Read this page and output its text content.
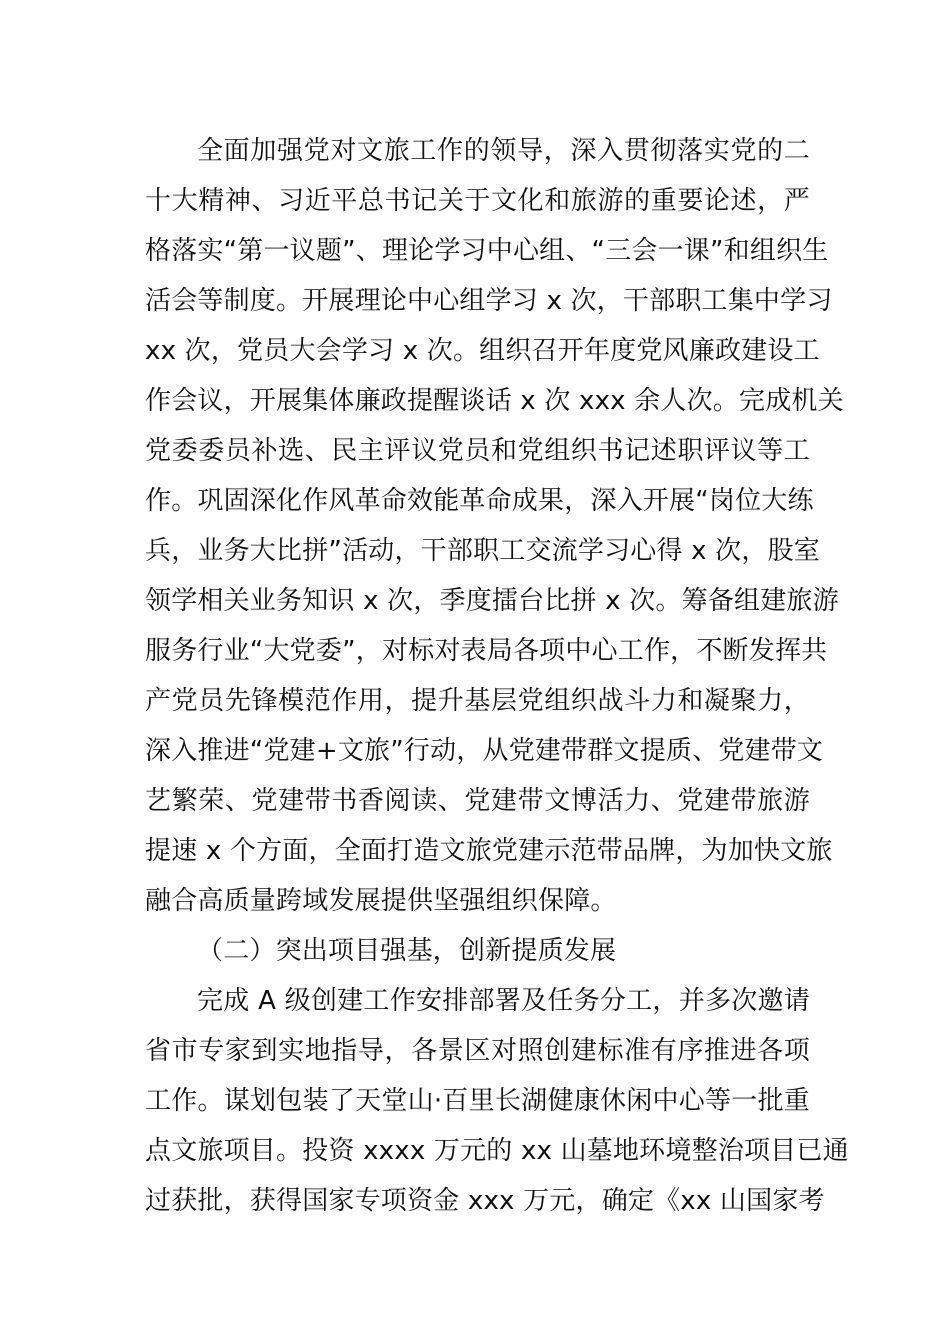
全面加强党对文旅工作的领导，深入贯彻落实党的二
十大精神、习近平总书记关于文化和旅游的重要论述，严
格落实“第一议题”、理论学习中心组、“三会一课”和组织生
活会等制度。开展理论中心组学习 x 次，干部职工集中学习
xx 次，党员大会学习 x 次。组织召开年度党风廉政建设工
作会议，开展集体廉政提醒谈话 x 次 xxx 余人次。完成机关
党委委员补选、民主评议党员和党组织书记述职评议等工
作。巩固深化作风革命效能革命成果，深入开展“岗位大练
兵，业务大比拼”活动，干部职工交流学习心得 x 次，股室
领学相关业务知识 x 次，季度擂台比拼 x 次。筹备组建旅游
服务行业“大党委”，对标对表局各项中心工作，不断发挥共
产党员先锋模范作用，提升基层党组织战斗力和凝聚力，
深入推进“党建+文旅”行动，从党建带群文提质、党建带文
艺繁荣、党建带书香阅读、党建带文博活力、党建带旅游
提速 x 个方面，全面打造文旅党建示范带品牌，为加快文旅
融合高质量跨域发展提供坚强组织保障。
（二）突出项目强基，创新提质发展
完成 A 级创建工作安排部署及任务分工，并多次邀请
省市专家到实地指导，各景区对照创建标准有序推进各项
工作。谋划包装了天堂山·百里长湖健康休闲中心等一批重
点文旅项目。投资 xxxx 万元的 xx 山墓地环境整治项目已通
过获批，获得国家专项资金 xxx 万元，确定《xx 山国家考
